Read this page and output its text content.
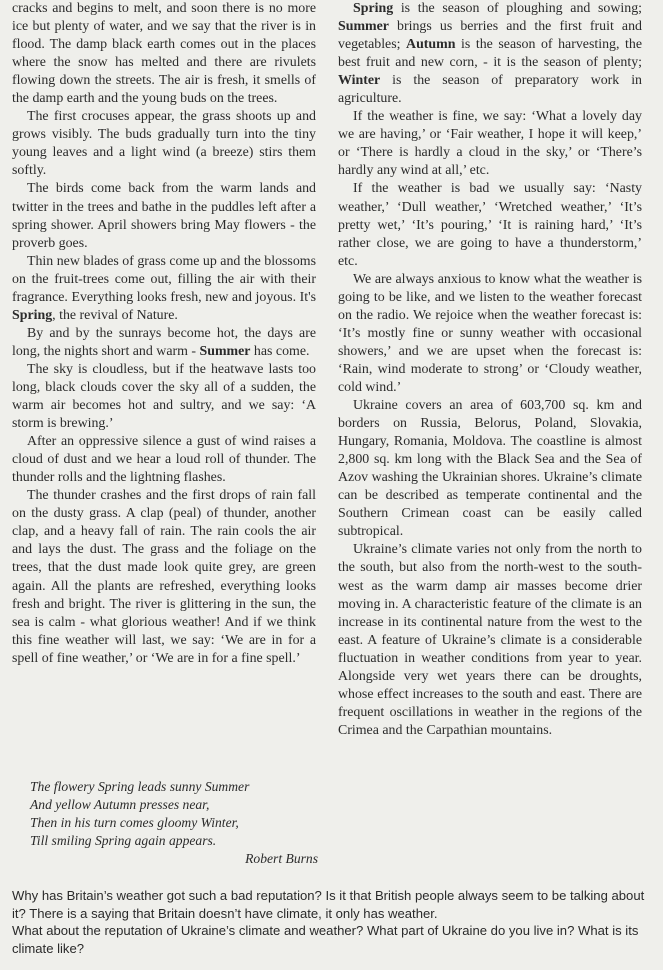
cracks and begins to melt, and soon there is no more ice but plenty of water, and we say that the river is in flood. The damp black earth comes out in the places where the snow has melted and there are rivulets flowing down the streets. The air is fresh, it smells of the damp earth and the young buds on the trees.

The first crocuses appear, the grass shoots up and grows visibly. The buds gradually turn into the tiny young leaves and a light wind (a breeze) stirs them softly.

The birds come back from the warm lands and twitter in the trees and bathe in the puddles left after a spring shower. April showers bring May flowers - the proverb goes.

Thin new blades of grass come up and the blossoms on the fruit-trees come out, filling the air with their fragrance. Everything looks fresh, new and joyous. It's Spring, the revival of Nature.

By and by the sunrays become hot, the days are long, the nights short and warm - Summer has come.

The sky is cloudless, but if the heatwave lasts too long, black clouds cover the sky all of a sudden, the warm air becomes hot and sultry, and we say: ‘A storm is brewing.’

After an oppressive silence a gust of wind raises a cloud of dust and we hear a loud roll of thunder. The thunder rolls and the lightning flashes.

The thunder crashes and the first drops of rain fall on the dusty grass. A clap (peal) of thunder, another clap, and a heavy fall of rain. The rain cools the air and lays the dust. The grass and the foliage on the trees, that the dust made look quite grey, are green again. All the plants are refreshed, everything looks fresh and bright. The river is glittering in the sun, the sea is calm - what glorious weather! And if we think this fine weather will last, we say: ‘We are in for a spell of fine weather,’ or ‘We are in for a fine spell.’

Spring is the season of ploughing and sowing; Summer brings us berries and the first fruit and vegetables; Autumn is the season of harvesting, the best fruit and new corn, - it is the season of plenty; Winter is the season of preparatory work in agriculture.

If the weather is fine, we say: ‘What a lovely day we are having,’ or ‘Fair weather, I hope it will keep,’ or ‘There is hardly a cloud in the sky,’ or ‘There’s hardly any wind at all,’ etc.

If the weather is bad we usually say: ‘Nasty weather,’ ‘Dull weather,’ ‘Wretched weather,’ ‘It’s pretty wet,’ ‘It’s pouring,’ ‘It is raining hard,’ ‘It’s rather close, we are going to have a thunderstorm,’ etc.

We are always anxious to know what the weather is going to be like, and we listen to the weather forecast on the radio. We rejoice when the weather forecast is: ‘It’s mostly fine or sunny weather with occasional showers,’ and we are upset when the forecast is: ‘Rain, wind moderate to strong’ or ‘Cloudy weather, cold wind.’

Ukraine covers an area of 603,700 sq. km and borders on Russia, Belorus, Poland, Slovakia, Hungary, Romania, Moldova. The coastline is almost 2,800 sq. km long with the Black Sea and the Sea of Azov washing the Ukrainian shores. Ukraine’s climate can be described as temperate continental and the Southern Crimean coast can be easily called subtropical.

Ukraine’s climate varies not only from the north to the south, but also from the north-west to the south-west as the warm damp air masses become drier moving in. A characteristic feature of the climate is an increase in its continental nature from the west to the east. A feature of Ukraine’s climate is a considerable fluctuation in weather conditions from year to year. Alongside very wet years there can be droughts, whose effect increases to the south and east. There are frequent oscillations in weather in the regions of the Crimea and the Carpathian mountains.

The flowery Spring leads sunny Summer
And yellow Autumn presses near,
Then in his turn comes gloomy Winter,
Till smiling Spring again appears.
Robert Burns

Why has Britain’s weather got such a bad reputation? Is it that British people always seem to be talking about it? There is a saying that Britain doesn’t have climate, it only has weather.

What about the reputation of Ukraine’s climate and weather? What part of Ukraine do you live in? What is its climate like?
